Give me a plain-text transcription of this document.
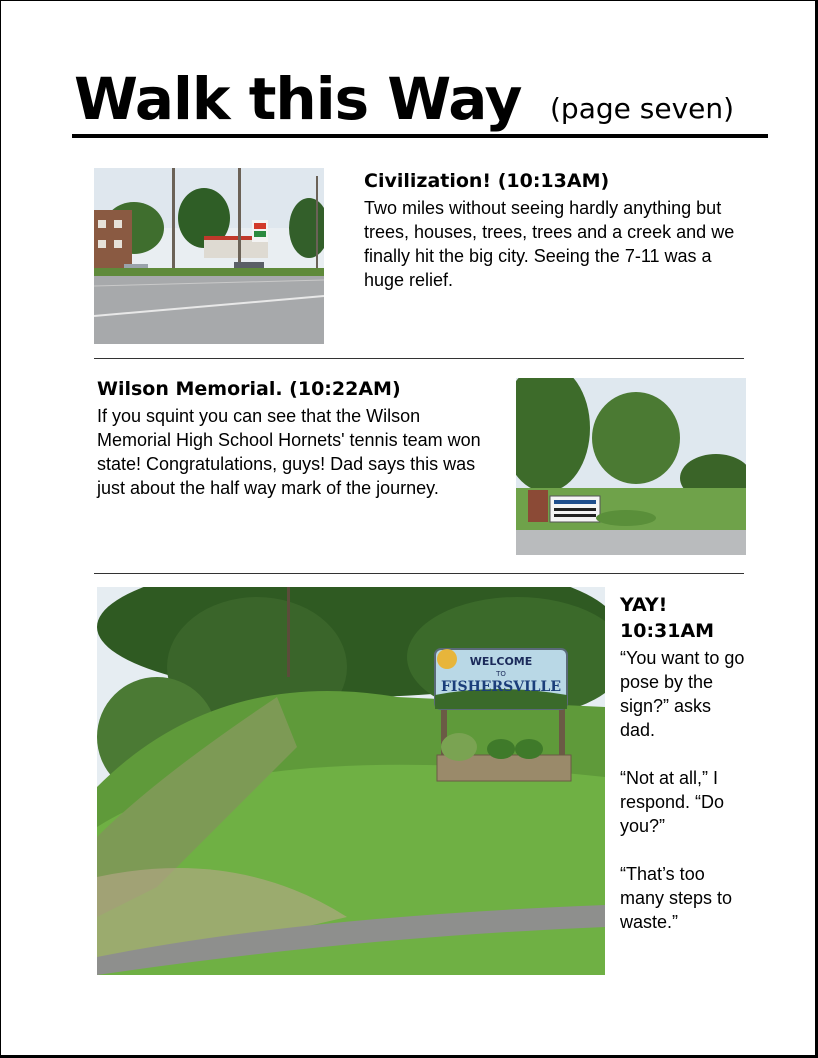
Walk this Way (page seven)
Civilization! (10:13AM)
Two miles without seeing hardly anything but trees, houses, trees, trees and a creek and we finally hit the big city. Seeing the 7-11 was a huge relief.
Wilson Memorial. (10:22AM)
If you squint you can see that the Wilson Memorial High School Hornets' tennis team won state! Congratulations, guys! Dad says this was just about the half way mark of the journey.
WELCOME
TO
FISHERSVILLE
YAY!
10:31AM

“You want to go pose by the sign?” asks dad.

“Not at all,” I respond. “Do you?”

“That’s too many steps to waste.”
